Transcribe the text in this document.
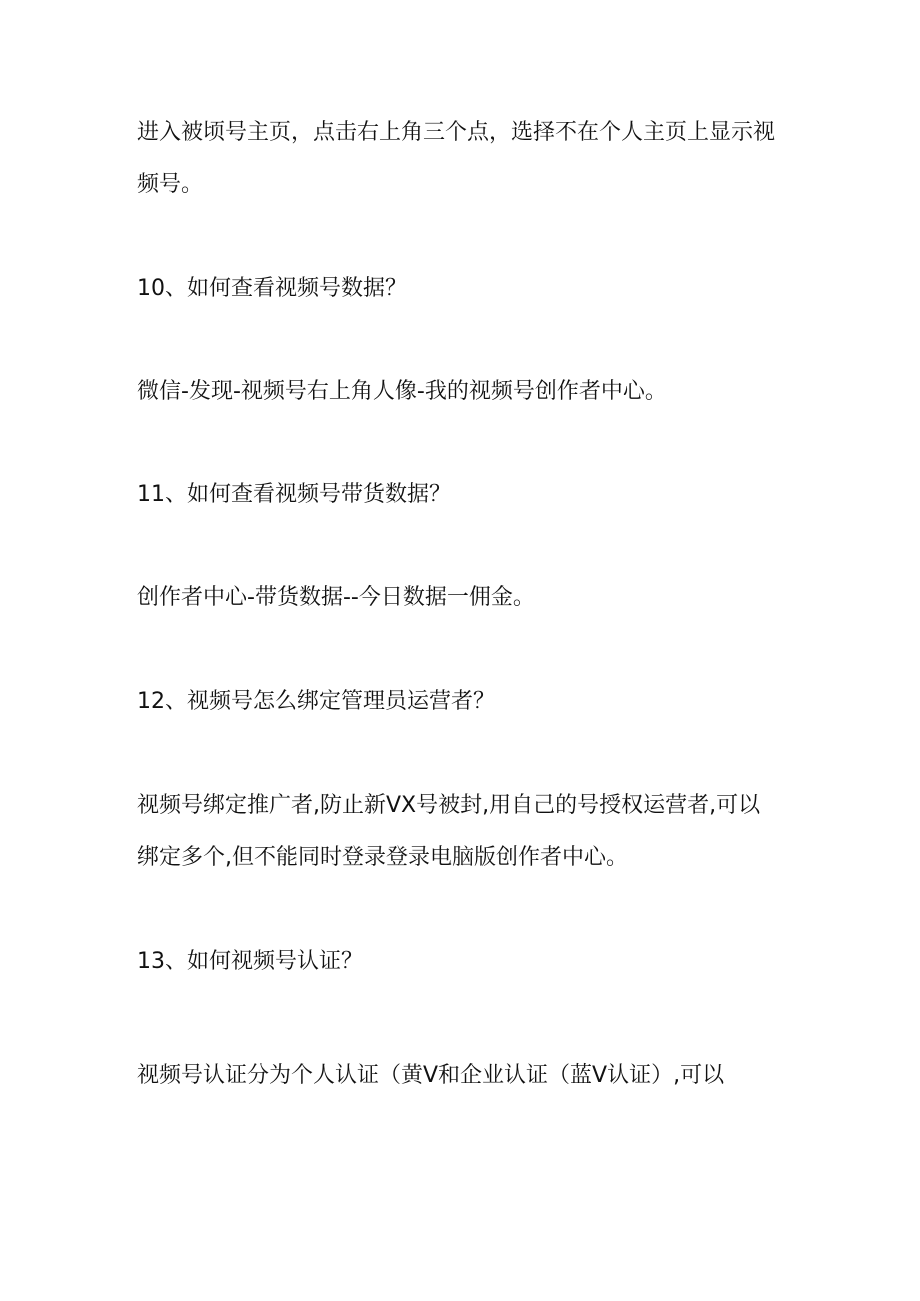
进入被顷号主页，点击右上角三个点，选择不在个人主页上显示视频号。

10、如何查看视频号数据？

微信-发现-视频号右上角人像-我的视频号创作者中心。

11、如何查看视频号带货数据？

创作者中心-带货数据--今日数据一佣金。

12、视频号怎么绑定管理员运营者？

视频号绑定推广者,防止新VX号被封,用自己的号授权运营者,可以绑定多个,但不能同时登录登录电脑版创作者中心。

13、如何视频号认证？

视频号认证分为个人认证（黄V和企业认证（蓝V认证）,可以
